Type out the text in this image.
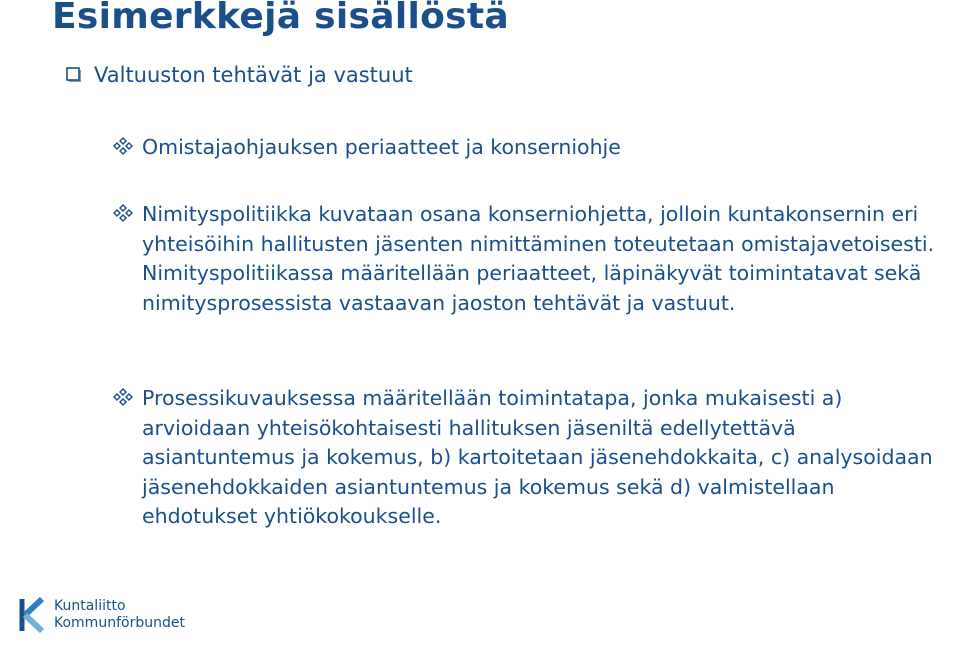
Esimerkkejä sisällöstä
Valtuuston tehtävät ja vastuut
Omistajaohjauksen periaatteet ja konserniohje
Nimityspolitiikka kuvataan osana konserniohjetta, jolloin kuntakonsernin eri yhteisöihin hallitusten jäsenten nimittäminen toteutetaan omistajavetoisesti. Nimityspolitiikassa määritellään periaatteet, läpinäkyvät toimintatavat sekä nimitysprosessista vastaavan jaoston tehtävät ja vastuut.
Prosessikuvauksessa määritellään toimintatapa, jonka mukaisesti a) arvioidaan yhteisökohtaisesti hallituksen jäseniltä edellytettävä asiantuntemus ja kokemus, b) kartoitetaan jäsenehdokkaita, c) analysoidaan jäsenehdokkaiden asiantuntemus ja kokemus sekä d) valmistellaan ehdotukset yhtiökokoukselle.
Kuntaliitto
Kommunförbundet
